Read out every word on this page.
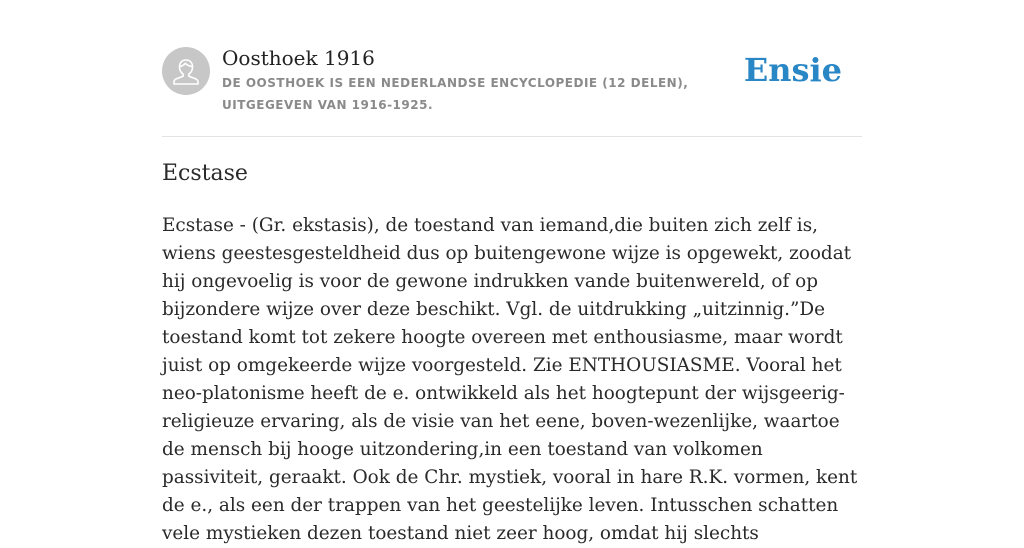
Oosthoek 1916
DE OOSTHOEK IS EEN NEDERLANDSE ENCYCLOPEDIE (12 DELEN), UITGEGEVEN VAN 1916-1925.
Ensie
Ecstase

Ecstase - (Gr. ekstasis), de toestand van iemand,die buiten zich zelf is, wiens geestesgesteldheid dus op buitengewone wijze is opgewekt, zoodat hij ongevoelig is voor de gewone indrukken vande buitenwereld, of op bijzondere wijze over deze beschikt. Vgl. de uitdrukking „uitzinnig.”De toestand komt tot zekere hoogte overeen met enthousiasme, maar wordt juist op omgekeerde wijze voorgesteld. Zie ENTHOUSIASME. Vooral het neo-platonisme heeft de e. ontwikkeld als het hoogtepunt der wijsgeerig-religieuze ervaring, als de visie van het eene, boven-wezenlijke, waartoe de mensch bij hooge uitzondering,in een toestand van volkomen passiviteit, geraakt. Ook de Chr. mystiek, vooral in hare R.K. vormen, kent de e., als een der trappen van het geestelijke leven. Intusschen schatten vele mystieken dezen toestand niet zeer hoog, omdat hij slechts
